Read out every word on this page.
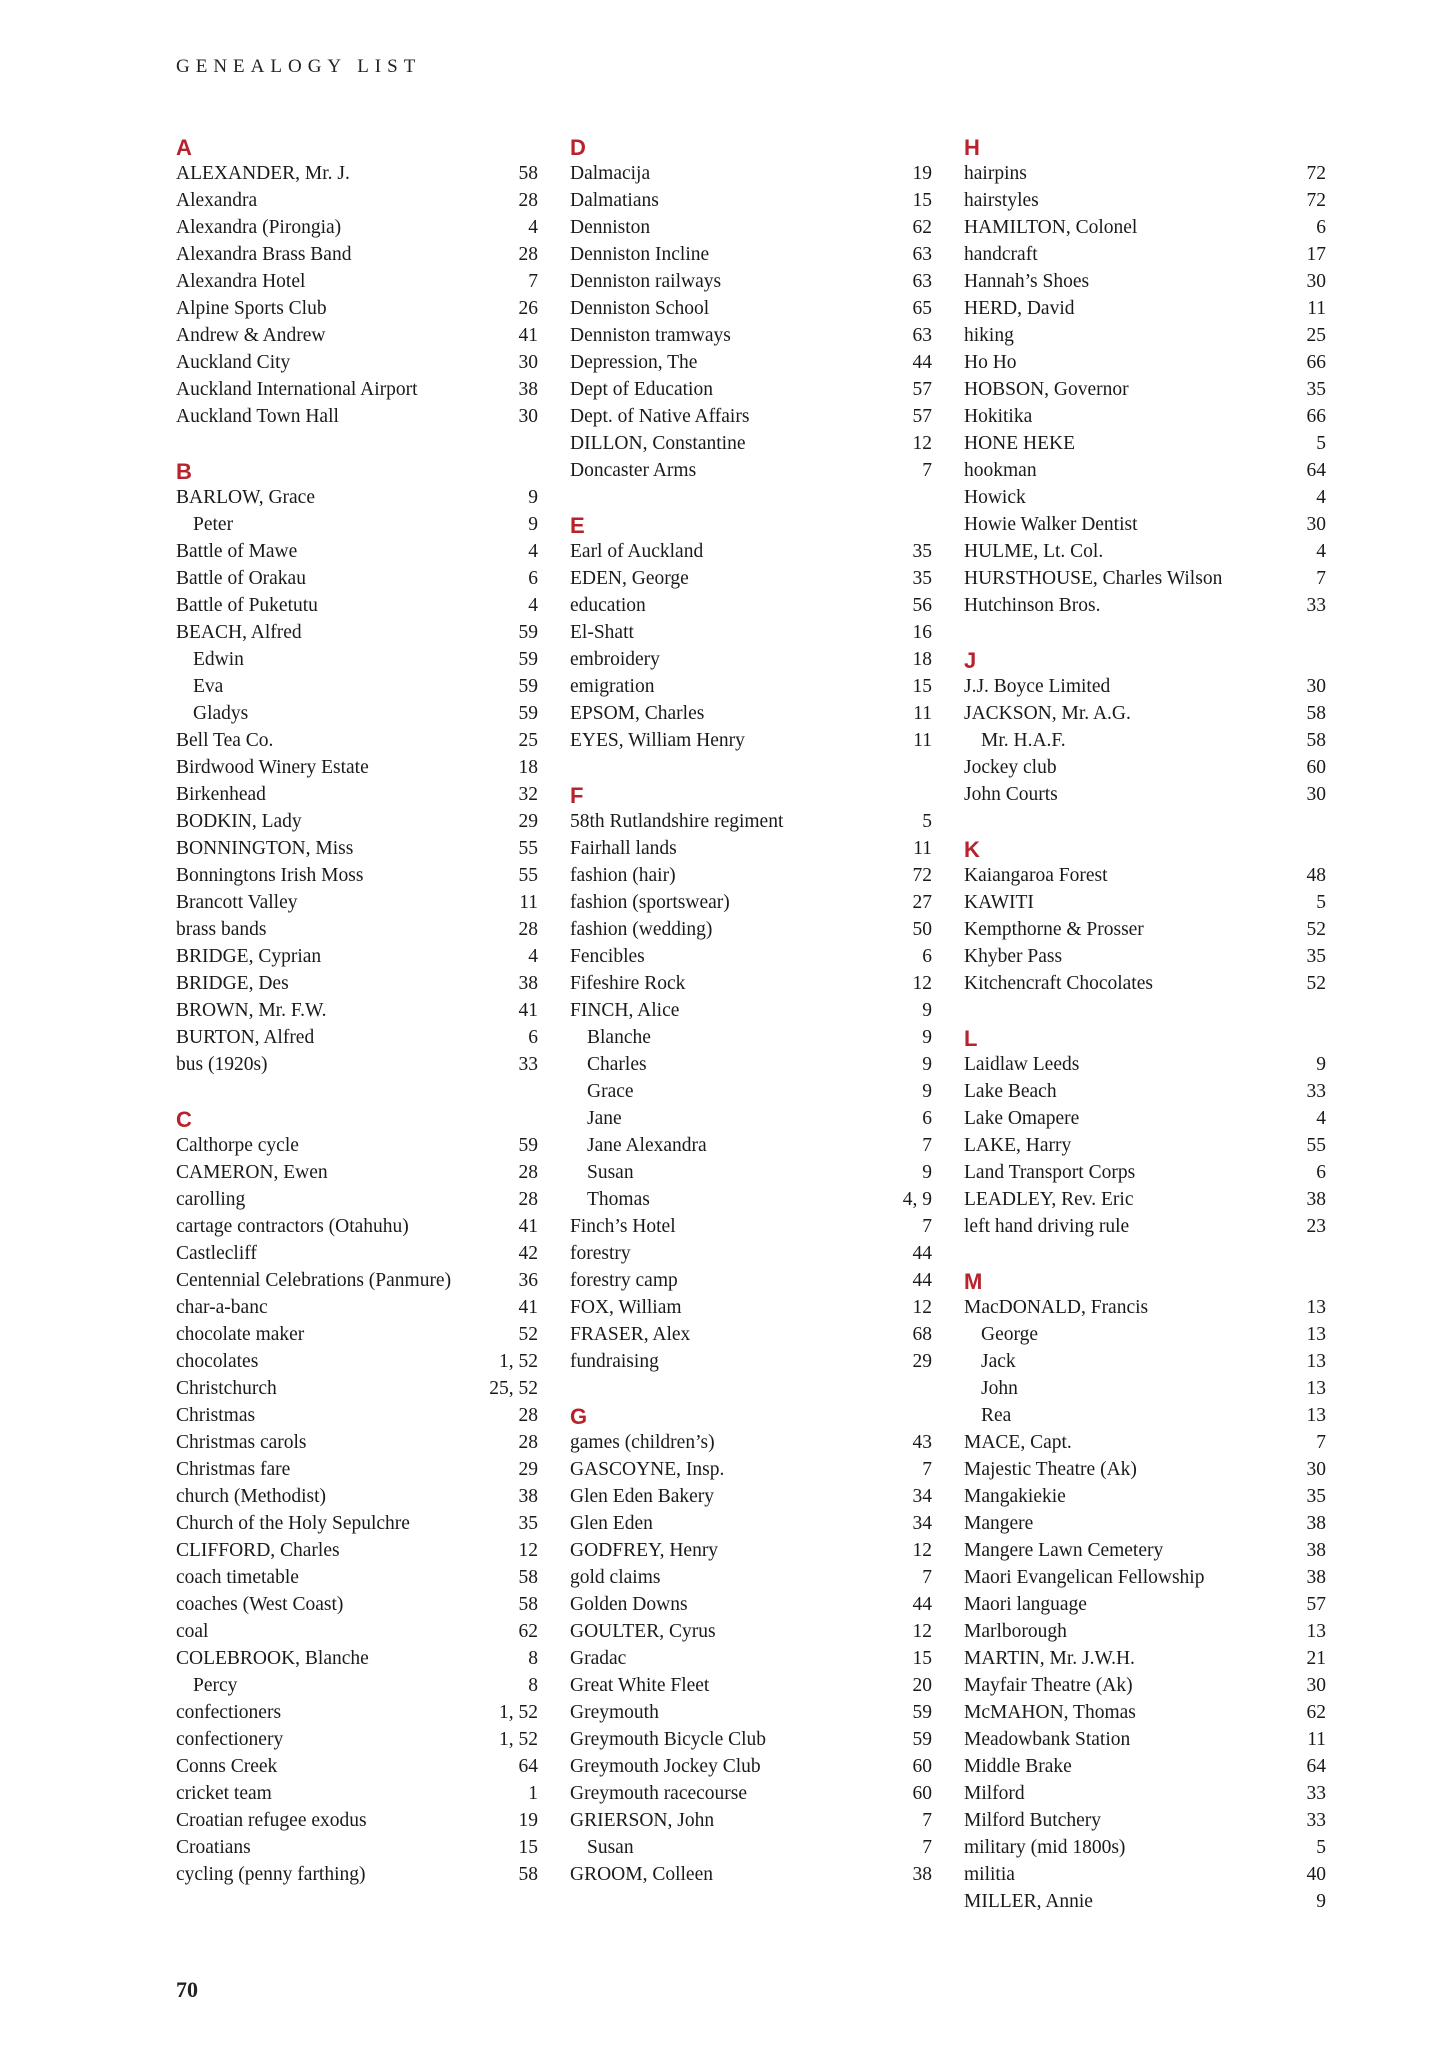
GENEALOGY LIST
A
ALEXANDER, Mr. J.	58
Alexandra	28
Alexandra (Pirongia)	4
Alexandra Brass Band	28
Alexandra Hotel	7
Alpine Sports Club	26
Andrew & Andrew	41
Auckland City	30
Auckland International Airport	38
Auckland Town Hall	30
B
BARLOW, Grace	9
Peter	9
Battle of Mawe	4
Battle of Orakau	6
Battle of Puketutu	4
BEACH, Alfred	59
Edwin	59
Eva	59
Gladys	59
Bell Tea Co.	25
Birdwood Winery Estate	18
Birkenhead	32
BODKIN, Lady	29
BONNINGTON, Miss	55
Bonningtons Irish Moss	55
Brancott Valley	11
brass bands	28
BRIDGE, Cyprian	4
BRIDGE, Des	38
BROWN, Mr. F.W.	41
BURTON, Alfred	6
bus (1920s)	33
C
Calthorpe cycle	59
CAMERON, Ewen	28
carolling	28
cartage contractors (Otahuhu)	41
Castlecliff	42
Centennial Celebrations (Panmure)	36
char-a-banc	41
chocolate maker	52
chocolates	1, 52
Christchurch	25, 52
Christmas	28
Christmas carols	28
Christmas fare	29
church (Methodist)	38
Church of the Holy Sepulchre	35
CLIFFORD, Charles	12
coach timetable	58
coaches (West Coast)	58
coal	62
COLEBROOK, Blanche	8
Percy	8
confectioners	1, 52
confectionery	1, 52
Conns Creek	64
cricket team	1
Croatian refugee exodus	19
Croatians	15
cycling (penny farthing)	58
D
Dalmacija	19
Dalmatians	15
Denniston	62
Denniston Incline	63
Denniston railways	63
Denniston School	65
Denniston tramways	63
Depression, The	44
Dept of Education	57
Dept. of Native Affairs	57
DILLON, Constantine	12
Doncaster Arms	7
E
Earl of Auckland	35
EDEN, George	35
education	56
El-Shatt	16
embroidery	18
emigration	15
EPSOM, Charles	11
EYES, William Henry	11
F
58th Rutlandshire regiment	5
Fairhall lands	11
fashion (hair)	72
fashion (sportswear)	27
fashion (wedding)	50
Fencibles	6
Fifeshire Rock	12
FINCH, Alice	9
Blanche	9
Charles	9
Grace	9
Jane	6
Jane Alexandra	7
Susan	9
Thomas	4, 9
Finch’s Hotel	7
forestry	44
forestry camp	44
FOX, William	12
FRASER, Alex	68
fundraising	29
G
games (children’s)	43
GASCOYNE, Insp.	7
Glen Eden Bakery	34
Glen Eden	34
GODFREY, Henry	12
gold claims	7
Golden Downs	44
GOULTER, Cyrus	12
Gradac	15
Great White Fleet	20
Greymouth	59
Greymouth Bicycle Club	59
Greymouth Jockey Club	60
Greymouth racecourse	60
GRIERSON, John	7
Susan	7
GROOM, Colleen	38
H
hairpins	72
hairstyles	72
HAMILTON, Colonel	6
handcraft	17
Hannah’s Shoes	30
HERD, David	11
hiking	25
Ho Ho	66
HOBSON, Governor	35
Hokitika	66
HONE HEKE	5
hookman	64
Howick	4
Howie Walker Dentist	30
HULME, Lt. Col.	4
HURSTHOUSE, Charles Wilson	7
Hutchinson Bros.	33
J
J.J. Boyce Limited	30
JACKSON, Mr. A.G.	58
Mr. H.A.F.	58
Jockey club	60
John Courts	30
K
Kaiangaroa Forest	48
KAWITI	5
Kempthorne & Prosser	52
Khyber Pass	35
Kitchencraft Chocolates	52
L
Laidlaw Leeds	9
Lake Beach	33
Lake Omapere	4
LAKE, Harry	55
Land Transport Corps	6
LEADLEY, Rev. Eric	38
left hand driving rule	23
M
MacDONALD, Francis	13
George	13
Jack	13
John	13
Rea	13
MACE, Capt.	7
Majestic Theatre (Ak)	30
Mangakiekie	35
Mangere	38
Mangere Lawn Cemetery	38
Maori Evangelican Fellowship	38
Maori language	57
Marlborough	13
MARTIN, Mr. J.W.H.	21
Mayfair Theatre (Ak)	30
McMAHON, Thomas	62
Meadowbank Station	11
Middle Brake	64
Milford	33
Milford Butchery	33
military (mid 1800s)	5
militia	40
MILLER, Annie	9
70
